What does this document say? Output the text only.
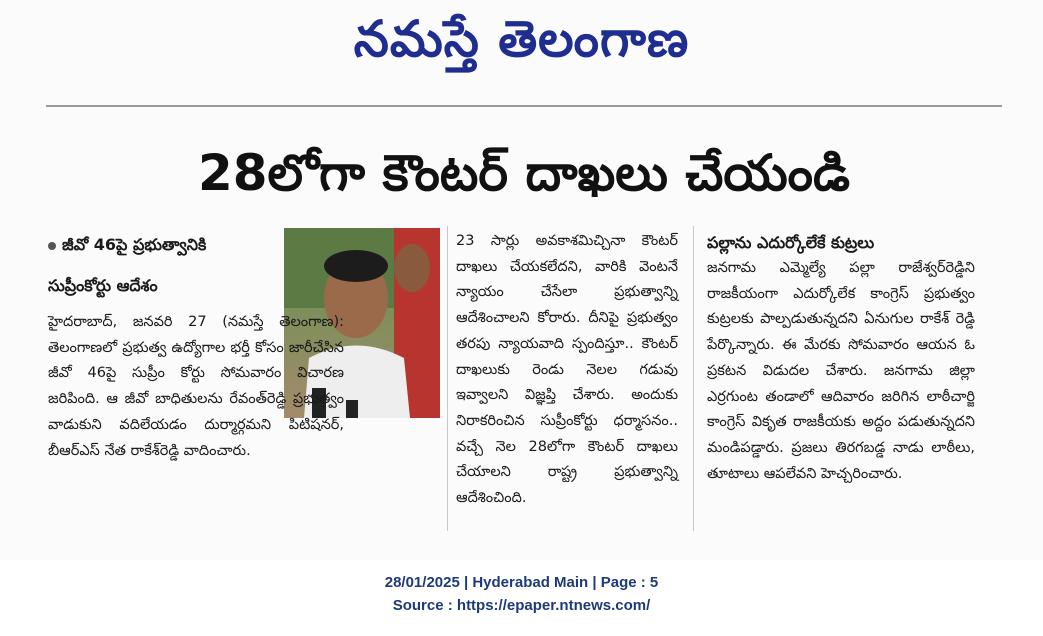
నమస్తే తెలంగాణ
28లోగా కౌంటర్ దాఖలు చేయండి
జీవో 46పై ప్రభుత్వానికి
సుప్రీంకోర్టు ఆదేశం

హైదరాబాద్, జనవరి 27 (నమస్తే తెలంగాణ): తెలంగాణలో ప్రభుత్వ ఉద్యోగాల భర్తీ కోసం జారీచేసిన జీవో 46పై సుప్రీం కోర్టు సోమవారం విచారణ జరిపింది. ఆ జీవో బాధితులను రేవంత్‌రెడ్డి ప్రభుత్వం వాడుకుని వదిలేయడం దుర్మార్గమని పిటిషనర్, బీఆర్‌ఎస్ నేత రాకేశ్‌రెడ్డి వాదించారు.

23 సార్లు అవకాశమిచ్చినా కౌంటర్ దాఖలు చేయకలేదని, వారికి వెంటనే న్యాయం చేసేలా ప్రభుత్వాన్ని ఆదేశించాలని కోరారు. దీనిపై ప్రభుత్వం తరపు న్యాయవాది స్పందిస్తూ.. కౌంటర్ దాఖలుకు రెండు నెలల గడువు ఇవ్వాలని విజ్ఞప్తి చేశారు. అందుకు నిరాకరించిన సుప్రీంకోర్టు ధర్మాసనం.. వచ్చే నెల 28లోగా కౌంటర్ దాఖలు చేయాలని రాష్ట్ర ప్రభుత్వాన్ని ఆదేశించింది.

పల్లాను ఎదుర్కోలేకే కుట్రలు

జనగామ ఎమ్మెల్యే పల్లా రాజేశ్వర్‌రెడ్డిని రాజకీయంగా ఎదుర్కోలేక కాంగ్రెస్ ప్రభుత్వం కుట్రలకు పాల్పడుతున్నదని ఏనుగుల రాకేశ్ రెడ్డి పేర్కొన్నారు. ఈ మేరకు సోమవారం ఆయన ఓ ప్రకటన విడుదల చేశారు. జనగామ జిల్లా ఎర్రగుంట తండాలో ఆదివారం జరిగిన లాఠీచార్జి కాంగ్రెస్ వికృత రాజకీయకు అద్దం పడుతున్నదని మండిపడ్డారు. ప్రజలు తిరగబడ్డ నాడు లాఠీలు, తూటాలు ఆపలేవని హెచ్చరించారు.

28/01/2025 | Hyderabad Main | Page : 5
Source : https://epaper.ntnews.com/
